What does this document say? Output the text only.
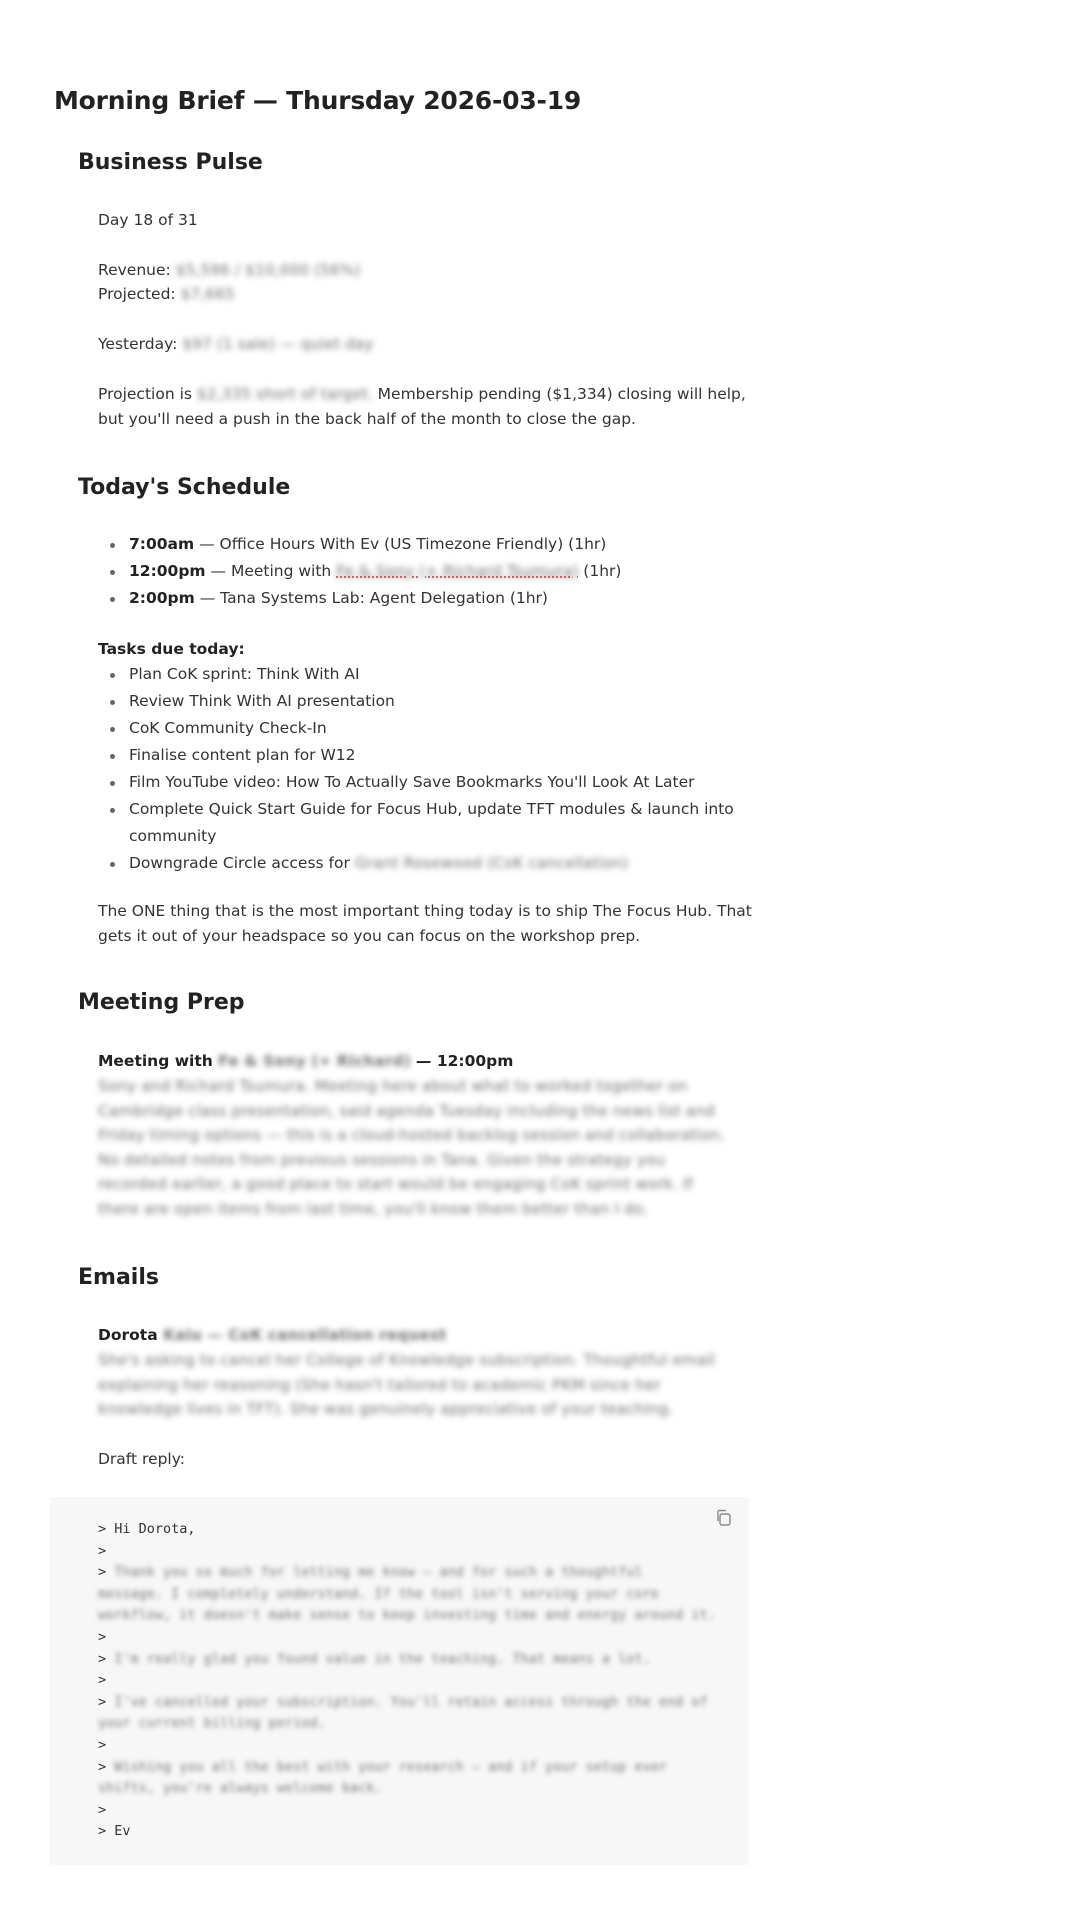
Morning Brief — Thursday 2026-03-19
Business Pulse
Day 18 of 31
Revenue: $5,596 / $10,000 (56%)
Projected: $7,665
Yesterday: $97 (1 sale) — quiet day
Projection is $2,335 short of target. Membership pending ($1,334) closing will help, but you'll need a push in the back half of the month to close the gap.
Today's Schedule
7:00am — Office Hours With Ev (US Timezone Friendly) (1hr)
12:00pm — Meeting with Fe & Sony (+ Richard Tsumura) (1hr)
2:00pm — Tana Systems Lab: Agent Delegation (1hr)
Tasks due today:
Plan CoK sprint: Think With AI
Review Think With AI presentation
CoK Community Check-In
Finalise content plan for W12
Film YouTube video: How To Actually Save Bookmarks You'll Look At Later
Complete Quick Start Guide for Focus Hub, update TFT modules & launch into community
Downgrade Circle access for Grant Rosewood (CoK cancellation)
The ONE thing that is the most important thing today is to ship The Focus Hub. That gets it out of your headspace so you can focus on the workshop prep.
Meeting Prep
Meeting with Fe & Sony (+ Richard) — 12:00pm
Sony and Richard Tsumura. Meeting here about what to worked together on Cambridge class presentation, said agenda Tuesday including the news list and Friday timing options — this is a cloud-hosted backlog session and collaboration. No detailed notes from previous sessions in Tana. Given the strategy you recorded earlier, a good place to start would be engaging CoK sprint work. If there are open items from last time, you'll know them better than I do.
Emails
Dorota Kaiu — CoK cancellation request
She's asking to cancel her College of Knowledge subscription. Thoughtful email explaining her reasoning (She hasn't tailored to academic PKM since her knowledge lives in TFT). She was genuinely appreciative of your teaching.
Draft reply:
> Hi Dorota,
>
> Thank you so much for letting me know — and for such a thoughtful
message. I completely understand. If the tool isn't serving your core
workflow, it doesn't make sense to keep investing time and energy around it.
>
> I'm really glad you found value in the teaching. That means a lot.
>
> I've cancelled your subscription. You'll retain access through the end of
your current billing period.
>
> Wishing you all the best with your research — and if your setup ever
shifts, you're always welcome back.
>
> Ev
